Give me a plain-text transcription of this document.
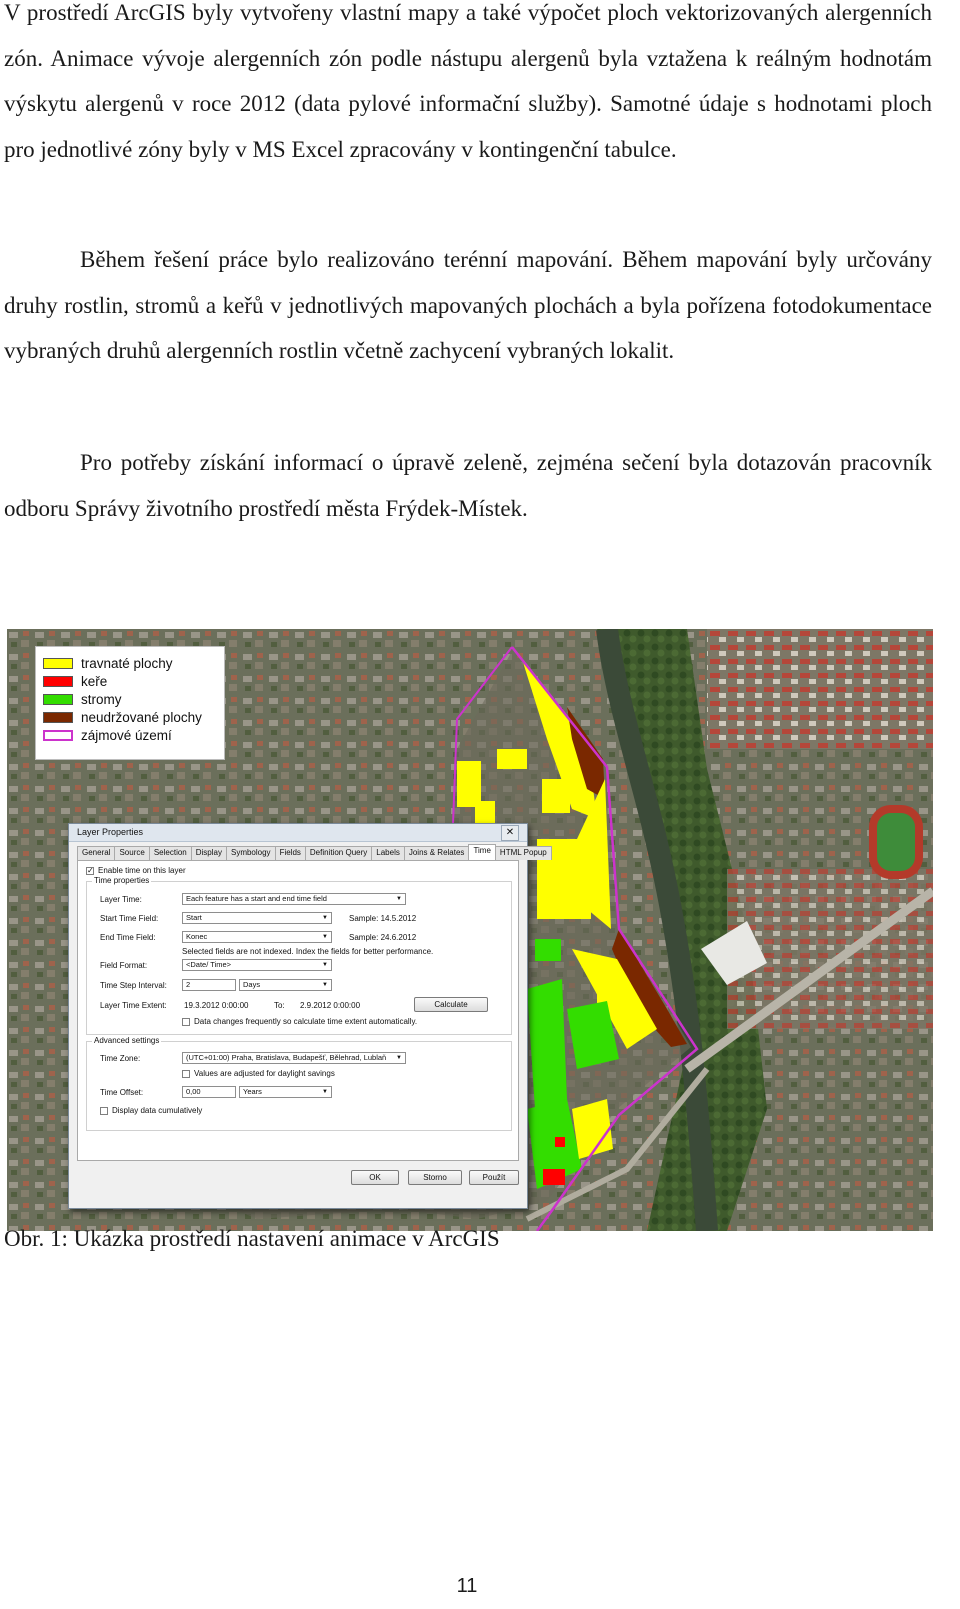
V prostředí ArcGIS byly vytvořeny vlastní mapy a také výpočet ploch vektorizovaných alergenních zón. Animace vývoje alergenních zón podle nástupu alergenů byla vztažena k reálným hodnotám výskytu alergenů v roce 2012 (data pylové informační služby). Samotné údaje s hodnotami ploch pro jednotlivé zóny byly v MS Excel zpracovány v kontingenční tabulce.

Během řešení práce bylo realizováno terénní mapování. Během mapování byly určovány druhy rostlin, stromů a keřů v jednotlivých mapovaných plochách a byla pořízena fotodokumentace vybraných druhů alergenních rostlin včetně zachycení vybraných lokalit.

Pro potřeby získání informací o úpravě zeleně, zejména sečení byla dotazován pracovník odboru Správy životního prostředí města Frýdek-Místek.

travnaté plochy
keře
stromy
neudržované plochy
zájmové území
Layer Properties	✕
General	Source	Selection	Display	Symbology	Fields	Definition Query	Labels	Joins & Relates	Time	HTML Popup
✓ Enable time on this layer
Time properties
Layer Time:	Each feature has a start and end time field	▼
Start Time Field:	Start	▼	Sample: 14.5.2012
End Time Field:	Konec	▼	Sample: 24.6.2012
Selected fields are not indexed. Index the fields for better performance.
Field Format:	<Date/ Time>	▼
Time Step Interval:	2	Days	▼
Layer Time Extent: 19.3.2012 0:00:00	To: 2.9.2012 0:00:00	Calculate
Data changes frequently so calculate time extent automatically.
Advanced settings
Time Zone:	(UTC+01:00) Praha, Bratislava, Budapešť, Bělehrad, Lublaň ▼
Values are adjusted for daylight savings
Time Offset:	0,00	Years	▼
Display data cumulatively
OK	Storno	Použít
Obr. 1: Ukázka prostředí nastavení animace v ArcGIS
11
